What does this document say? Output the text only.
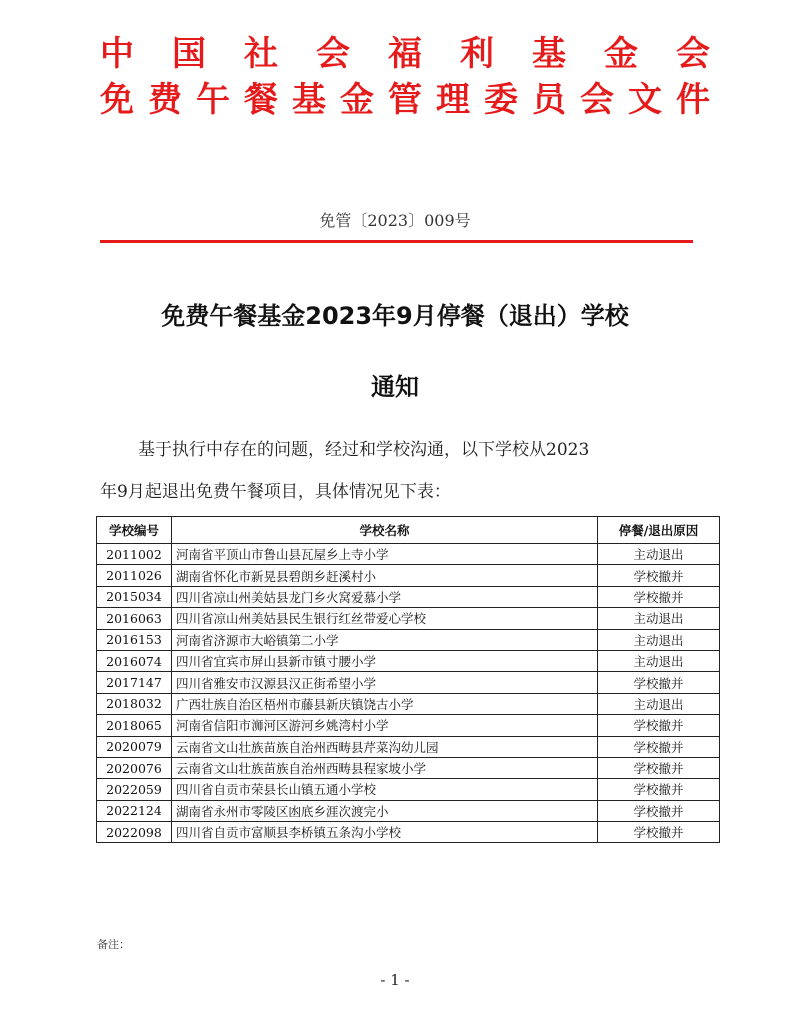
中 国 社 会 福 利 基 金 会
免 费 午 餐 基 金 管 理 委 员 会 文 件
免管〔2023〕009号
免费午餐基金2023年9月停餐（退出）学校
通知
基于执行中存在的问题，经过和学校沟通，以下学校从2023
年9月起退出免费午餐项目，具体情况见下表：
学校编号	学校名称	停餐/退出原因
2011002	河南省平顶山市鲁山县瓦屋乡上寺小学	主动退出
2011026	湖南省怀化市新晃县碧朗乡赶溪村小	学校撤并
2015034	四川省凉山州美姑县龙门乡火窝爱慕小学	学校撤并
2016063	四川省凉山州美姑县民生银行红丝带爱心学校	主动退出
2016153	河南省济源市大峪镇第二小学	主动退出
2016074	四川省宜宾市屏山县新市镇寸腰小学	主动退出
2017147	四川省雅安市汉源县汉正街希望小学	学校撤并
2018032	广西壮族自治区梧州市藤县新庆镇饶古小学	主动退出
2018065	河南省信阳市浉河区游河乡姚湾村小学	学校撤并
2020079	云南省文山壮族苗族自治州西畴县芹菜沟幼儿园	学校撤并
2020076	云南省文山壮族苗族自治州西畴县程家坡小学	学校撤并
2022059	四川省自贡市荣县长山镇五通小学校	学校撤并
2022124	湖南省永州市零陵区凼底乡涯次渡完小	学校撤并
2022098	四川省自贡市富顺县李桥镇五条沟小学校	学校撤并
备注：
- 1 -
